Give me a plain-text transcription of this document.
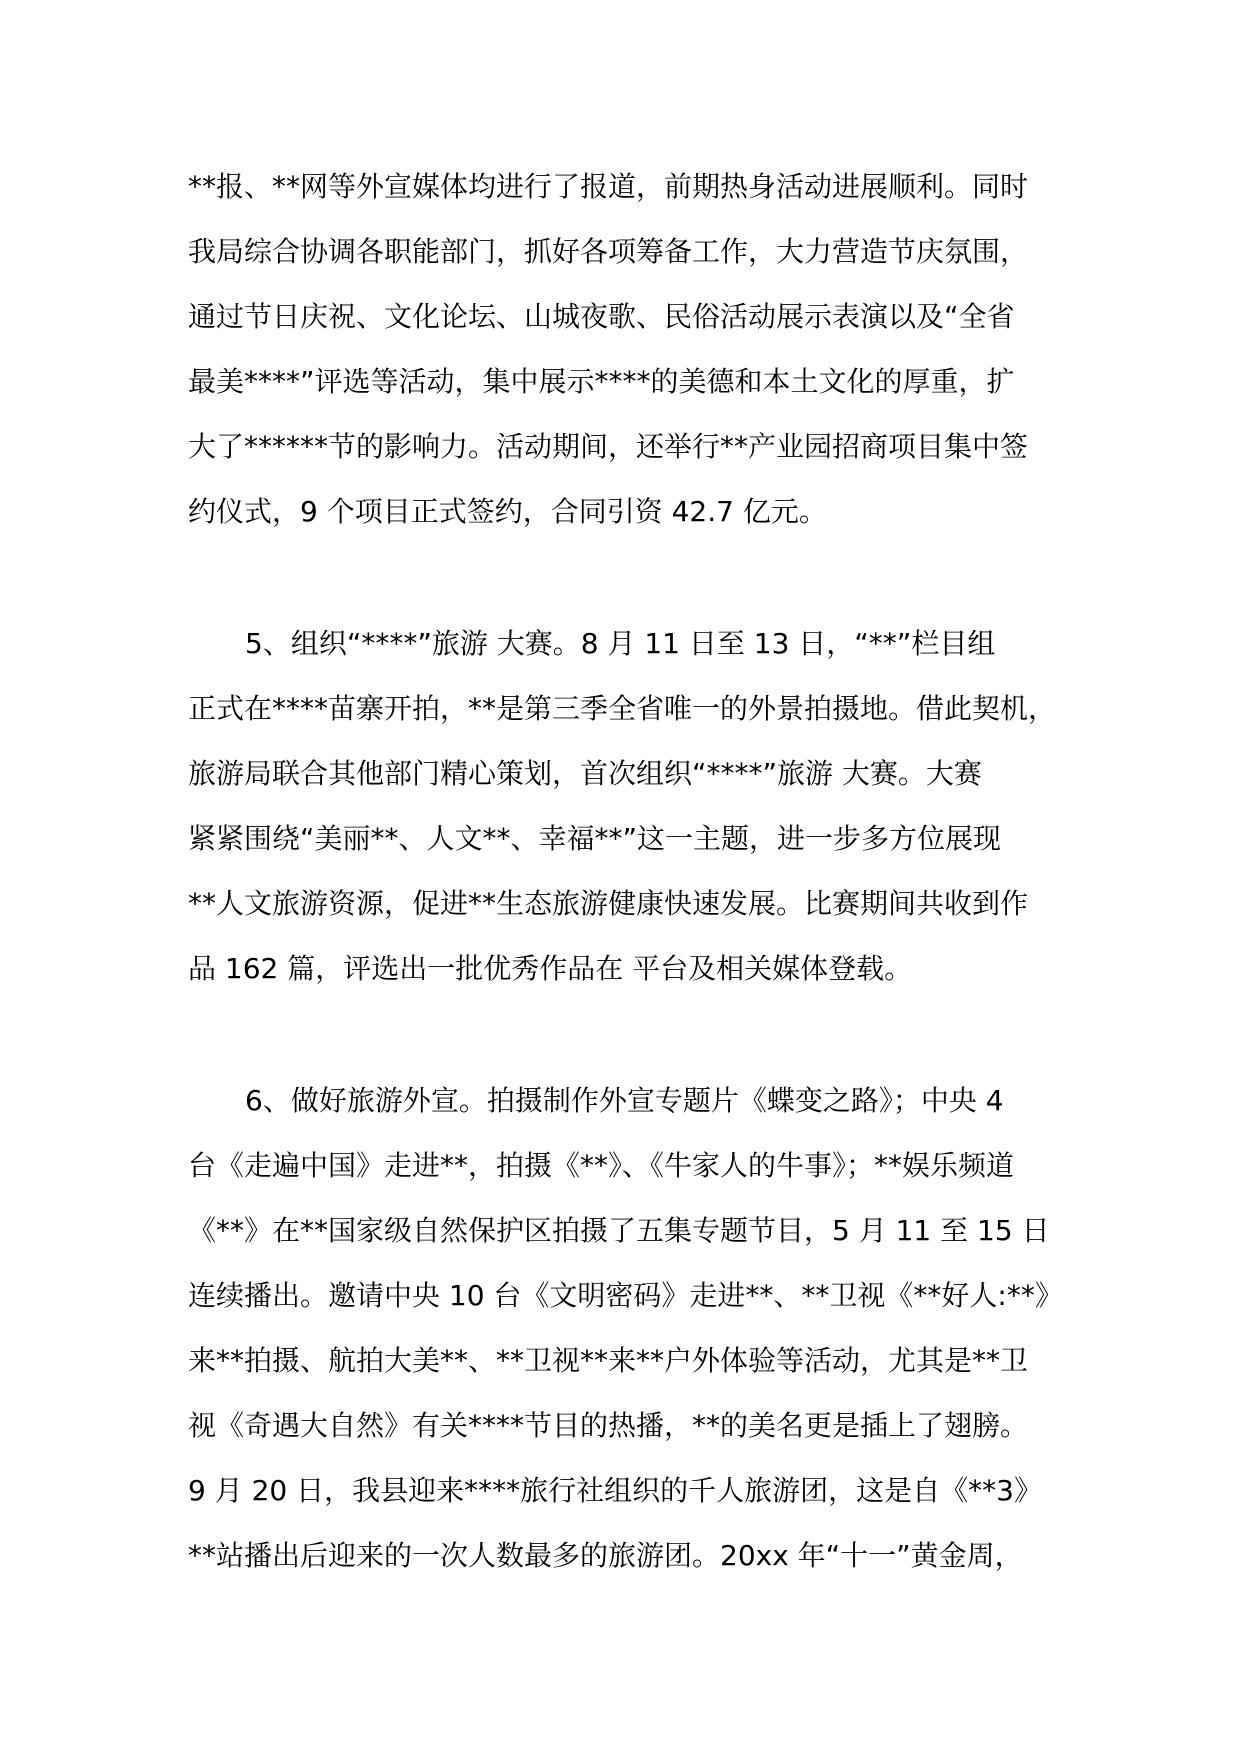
**报、**网等外宣媒体均进行了报道，前期热身活动进展顺利。同时
我局综合协调各职能部门，抓好各项筹备工作，大力营造节庆氛围，
通过节日庆祝、文化论坛、山城夜歌、民俗活动展示表演以及“全省
最美****”评选等活动，集中展示****的美德和本土文化的厚重，扩
大了******节的影响力。活动期间，还举行**产业园招商项目集中签
约仪式，9 个项目正式签约，合同引资 42.7 亿元。
5、组织“****”旅游 大赛。8 月 11 日至 13 日，“**”栏目组
正式在****苗寨开拍，**是第三季全省唯一的外景拍摄地。借此契机，
旅游局联合其他部门精心策划，首次组织“****”旅游 大赛。大赛
紧紧围绕“美丽**、人文**、幸福**”这一主题，进一步多方位展现
**人文旅游资源，促进**生态旅游健康快速发展。比赛期间共收到作
品 162 篇，评选出一批优秀作品在 平台及相关媒体登载。
6、做好旅游外宣。拍摄制作外宣专题片《蝶变之路》；中央 4
台《走遍中国》走进**，拍摄《**》、《牛家人的牛事》；**娱乐频道
《**》在**国家级自然保护区拍摄了五集专题节目，5 月 11 至 15 日
连续播出。邀请中央 10 台《文明密码》走进**、**卫视《**好人:**》
来**拍摄、航拍大美**、**卫视**来**户外体验等活动，尤其是**卫
视《奇遇大自然》有关****节目的热播，**的美名更是插上了翅膀。
9 月 20 日，我县迎来****旅行社组织的千人旅游团，这是自《**3》
**站播出后迎来的一次人数最多的旅游团。20xx 年“十一”黄金周，
